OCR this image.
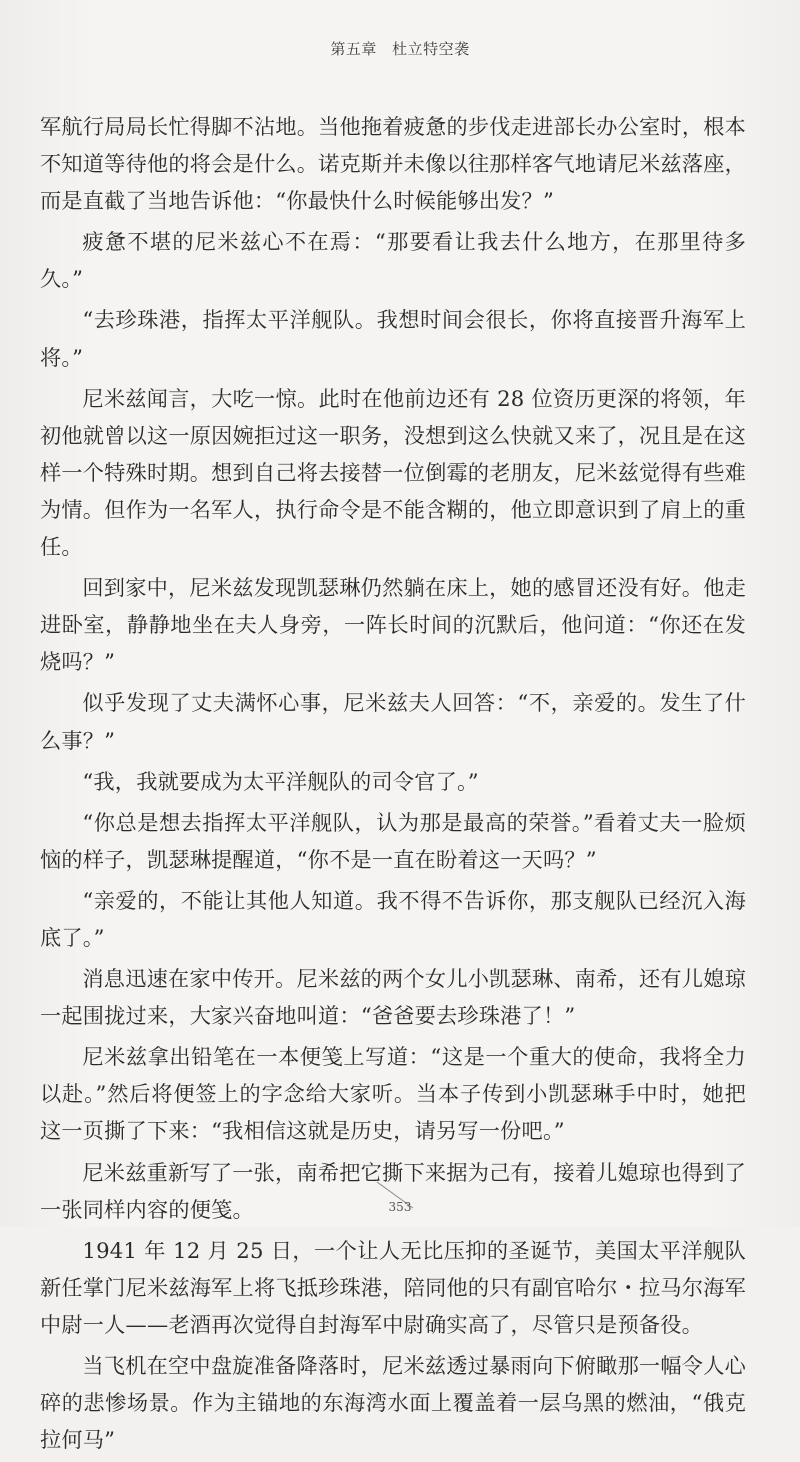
第五章 杜立特空袭

军航行局局长忙得脚不沾地。当他拖着疲惫的步伐走进部长办公室时，根本不知道等待他的将会是什么。诺克斯并未像以往那样客气地请尼米兹落座，而是直截了当地告诉他：“你最快什么时候能够出发？”

疲惫不堪的尼米兹心不在焉：“那要看让我去什么地方，在那里待多久。”

“去珍珠港，指挥太平洋舰队。我想时间会很长，你将直接晋升海军上将。”

尼米兹闻言，大吃一惊。此时在他前边还有 28 位资历更深的将领，年初他就曾以这一原因婉拒过这一职务，没想到这么快就又来了，况且是在这样一个特殊时期。想到自己将去接替一位倒霉的老朋友，尼米兹觉得有些难为情。但作为一名军人，执行命令是不能含糊的，他立即意识到了肩上的重任。

回到家中，尼米兹发现凯瑟琳仍然躺在床上，她的感冒还没有好。他走进卧室，静静地坐在夫人身旁，一阵长时间的沉默后，他问道：“你还在发烧吗？”

似乎发现了丈夫满怀心事，尼米兹夫人回答：“不，亲爱的。发生了什么事？”

“我，我就要成为太平洋舰队的司令官了。”

“你总是想去指挥太平洋舰队，认为那是最高的荣誉。”看着丈夫一脸烦恼的样子，凯瑟琳提醒道，“你不是一直在盼着这一天吗？”

“亲爱的，不能让其他人知道。我不得不告诉你，那支舰队已经沉入海底了。”

消息迅速在家中传开。尼米兹的两个女儿小凯瑟琳、南希，还有儿媳琼一起围拢过来，大家兴奋地叫道：“爸爸要去珍珠港了！”

尼米兹拿出铅笔在一本便笺上写道：“这是一个重大的使命，我将全力以赴。”然后将便签上的字念给大家听。当本子传到小凯瑟琳手中时，她把这一页撕了下来：“我相信这就是历史，请另写一份吧。”

尼米兹重新写了一张，南希把它撕下来据为己有，接着儿媳琼也得到了一张同样内容的便笺。

1941 年 12 月 25 日，一个让人无比压抑的圣诞节，美国太平洋舰队新任掌门尼米兹海军上将飞抵珍珠港，陪同他的只有副官哈尔・拉马尔海军中尉一人——老酒再次觉得自封海军中尉确实高了，尽管只是预备役。

当飞机在空中盘旋准备降落时，尼米兹透过暴雨向下俯瞰那一幅令人心碎的悲惨场景。作为主锚地的东海湾水面上覆盖着一层乌黑的燃油，“俄克拉何马”

353
